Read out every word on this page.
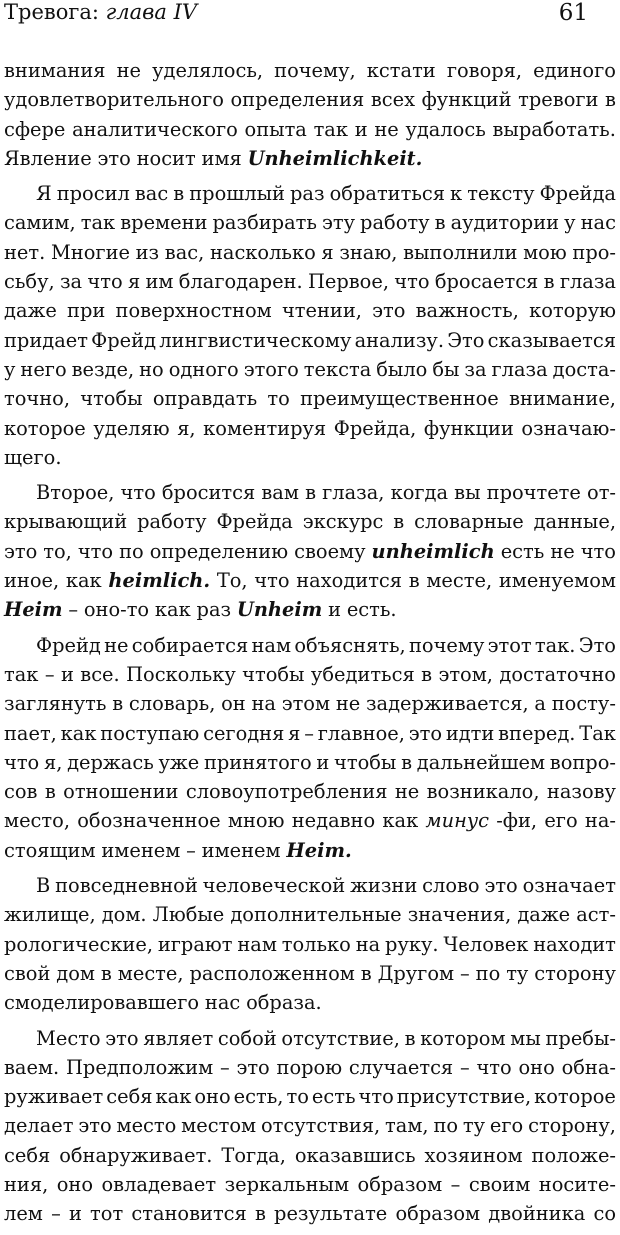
Тревога: глава IV	61
внимания не уделялось, почему, кстати говоря, единого
удовлетворительного определения всех функций тревоги в
сфере аналитического опыта так и не удалось выработать.
Явление это носит имя Unheimlichkeit.
Я просил вас в прошлый раз обратиться к тексту Фрейда
самим, так времени разбирать эту работу в аудитории у нас
нет. Многие из вас, насколько я знаю, выполнили мою про-
сьбу, за что я им благодарен. Первое, что бросается в глаза
даже при поверхностном чтении, это важность, которую
придает Фрейд лингвистическому анализу. Это сказывается
у него везде, но одного этого текста было бы за глаза доста-
точно, чтобы оправдать то преимущественное внимание,
которое уделяю я, коментируя Фрейда, функции означаю-
щего.
Второе, что бросится вам в глаза, когда вы прочтете от-
крывающий работу Фрейда экскурс в словарные данные,
это то, что по определению своему unheimlich есть не что
иное, как heimlich. То, что находится в месте, именуемом
Heim – оно-то как раз Unheim и есть.
Фрейд не собирается нам объяснять, почему этот так. Это
так – и все. Поскольку чтобы убедиться в этом, достаточно
заглянуть в словарь, он на этом не задерживается, а посту-
пает, как поступаю сегодня я – главное, это идти вперед. Так
что я, держась уже принятого и чтобы в дальнейшем вопро-
сов в отношении словоупотребления не возникало, назову
место, обозначенное мною недавно как минус -фи, его на-
стоящим именем – именем Heim.
В повседневной человеческой жизни слово это означает
жилище, дом. Любые дополнительные значения, даже аст-
рологические, играют нам только на руку. Человек находит
свой дом в месте, расположенном в Другом – по ту сторону
смоделировавшего нас образа.
Место это являет собой отсутствие, в котором мы пребы-
ваем. Предположим – это порою случается – что оно обна-
руживает себя как оно есть, то есть что присутствие, которое
делает это место местом отсутствия, там, по ту его сторону,
себя обнаруживает. Тогда, оказавшись хозяином положе-
ния, оно овладевает зеркальным образом – своим носите-
лем – и тот становится в результате образом двойника со
